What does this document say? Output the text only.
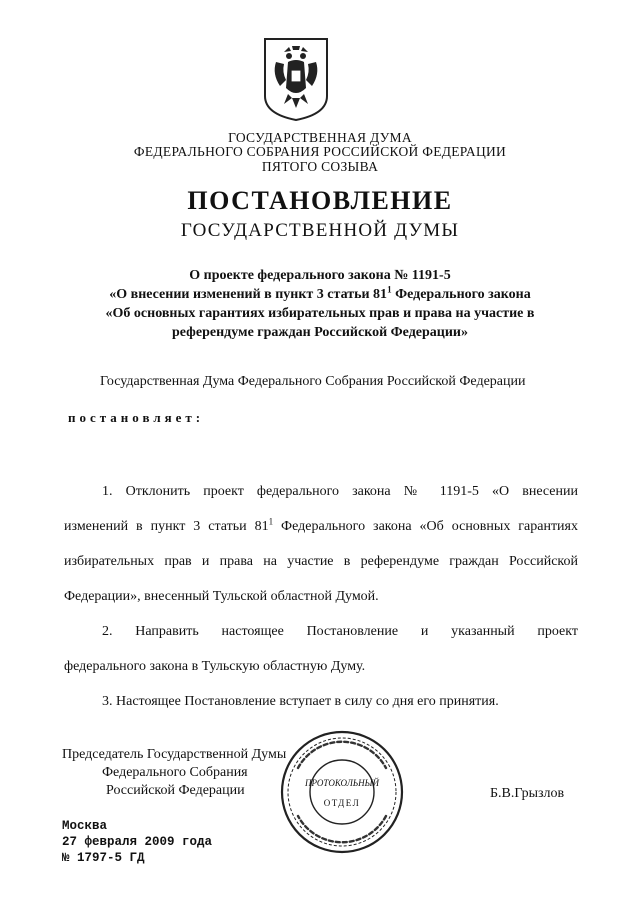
ГОСУДАРСТВЕННАЯ ДУМА
ФЕДЕРАЛЬНОГО СОБРАНИЯ РОССИЙСКОЙ ФЕДЕРАЦИИ
ПЯТОГО СОЗЫВА
ПОСТАНОВЛЕНИЕ
ГОСУДАРСТВЕННОЙ ДУМЫ
О проекте федерального закона № 1191-5
«О внесении изменений в пункт 3 статьи $81^1$ Федерального закона
«Об основных гарантиях избирательных прав и права на участие в
референдуме граждан Российской Федерации»
Государственная Дума Федерального Собрания Российской Федерации
постановляет:
1. Отклонить проект федерального закона № 1191-5 «О внесении
изменений в пункт 3 статьи $81^1$ Федерального закона «Об основных гарантиях
избирательных прав и права на участие в референдуме граждан Российской
Федерации», внесенный Тульской областной Думой.
2. Направить настоящее Постановление и указанный проект
федерального закона в Тульскую областную Думу.
3. Настоящее Постановление вступает в силу со дня его принятия.
Председатель Государственной Думы
Федерального Собрания
Российской Федерации	Б.В.Грызлов
ПРОТОКОЛЬНЫЙ
ОТДЕЛ
Москва
27 февраля 2009 года
№ 1797-5 ГД
